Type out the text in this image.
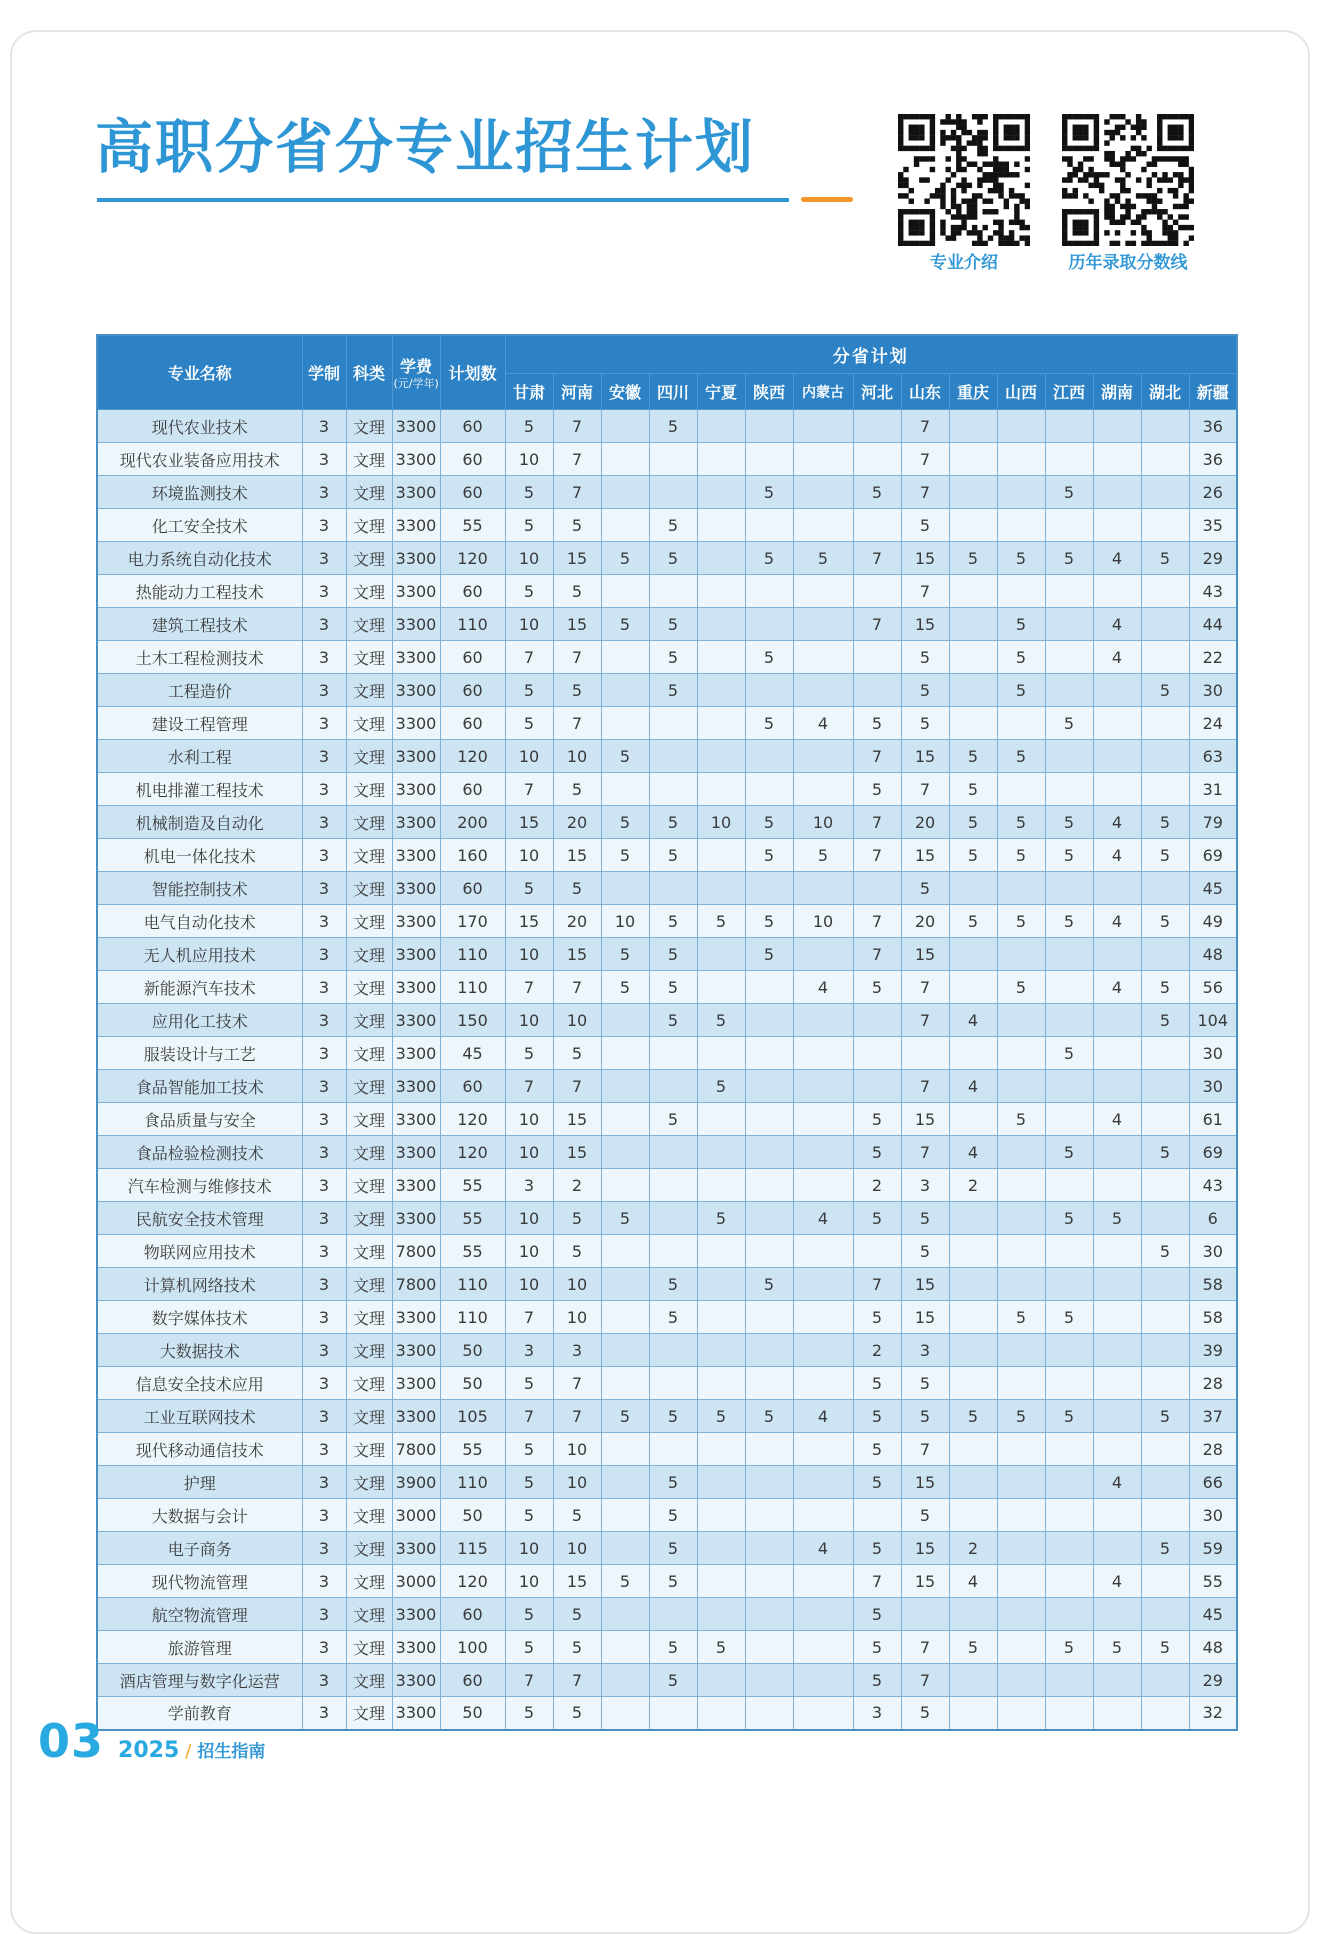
高职分省分专业招生计划
专业介绍	历年录取分数线
专业名称	学制	科类	学费
(元/学年)	计划数	分省计划														
					甘肃	河南	安徽	四川	宁夏	陕西	内蒙古	河北	山东	重庆	山西	江西	湖南	湖北	新疆
现代农业技术	3	文理	3300	60	5	7		5					7						36
现代农业装备应用技术	3	文理	3300	60	10	7							7						36
环境监测技术	3	文理	3300	60	5	7				5		5	7			5			26
化工安全技术	3	文理	3300	55	5	5		5					5						35
电力系统自动化技术	3	文理	3300	120	10	15	5	5		5	5	7	15	5	5	5	4	5	29
热能动力工程技术	3	文理	3300	60	5	5							7						43
建筑工程技术	3	文理	3300	110	10	15	5	5				7	15		5		4		44
土木工程检测技术	3	文理	3300	60	7	7		5		5			5		5		4		22
工程造价	3	文理	3300	60	5	5		5					5		5			5	30
建设工程管理	3	文理	3300	60	5	7				5	4	5	5			5			24
水利工程	3	文理	3300	120	10	10	5					7	15	5	5				63
机电排灌工程技术	3	文理	3300	60	7	5						5	7	5					31
机械制造及自动化	3	文理	3300	200	15	20	5	5	10	5	10	7	20	5	5	5	4	5	79
机电一体化技术	3	文理	3300	160	10	15	5	5		5	5	7	15	5	5	5	4	5	69
智能控制技术	3	文理	3300	60	5	5							5						45
电气自动化技术	3	文理	3300	170	15	20	10	5	5	5	10	7	20	5	5	5	4	5	49
无人机应用技术	3	文理	3300	110	10	15	5	5		5		7	15						48
新能源汽车技术	3	文理	3300	110	7	7	5	5			4	5	7		5		4	5	56
应用化工技术	3	文理	3300	150	10	10		5	5				7	4				5	104
服装设计与工艺	3	文理	3300	45	5	5										5			30
食品智能加工技术	3	文理	3300	60	7	7			5				7	4					30
食品质量与安全	3	文理	3300	120	10	15		5				5	15		5		4		61
食品检验检测技术	3	文理	3300	120	10	15						5	7	4		5		5	69
汽车检测与维修技术	3	文理	3300	55	3	2						2	3	2					43
民航安全技术管理	3	文理	3300	55	10	5	5		5		4	5	5			5	5		6
物联网应用技术	3	文理	7800	55	10	5							5					5	30
计算机网络技术	3	文理	7800	110	10	10		5		5		7	15						58
数字媒体技术	3	文理	3300	110	7	10		5				5	15		5	5			58
大数据技术	3	文理	3300	50	3	3						2	3						39
信息安全技术应用	3	文理	3300	50	5	7						5	5						28
工业互联网技术	3	文理	3300	105	7	7	5	5	5	5	4	5	5	5	5	5		5	37
现代移动通信技术	3	文理	7800	55	5	10						5	7						28
护理	3	文理	3900	110	5	10		5				5	15				4		66
大数据与会计	3	文理	3000	50	5	5		5					5						30
电子商务	3	文理	3300	115	10	10		5			4	5	15	2				5	59
现代物流管理	3	文理	3000	120	10	15	5	5				7	15	4			4		55
航空物流管理	3	文理	3300	60	5	5						5							45
旅游管理	3	文理	3300	100	5	5		5	5			5	7	5		5	5	5	48
酒店管理与数字化运营	3	文理	3300	60	7	7		5				5	7						29
学前教育	3	文理	3300	50	5	5						3	5						32
03 2025 / 招生指南
